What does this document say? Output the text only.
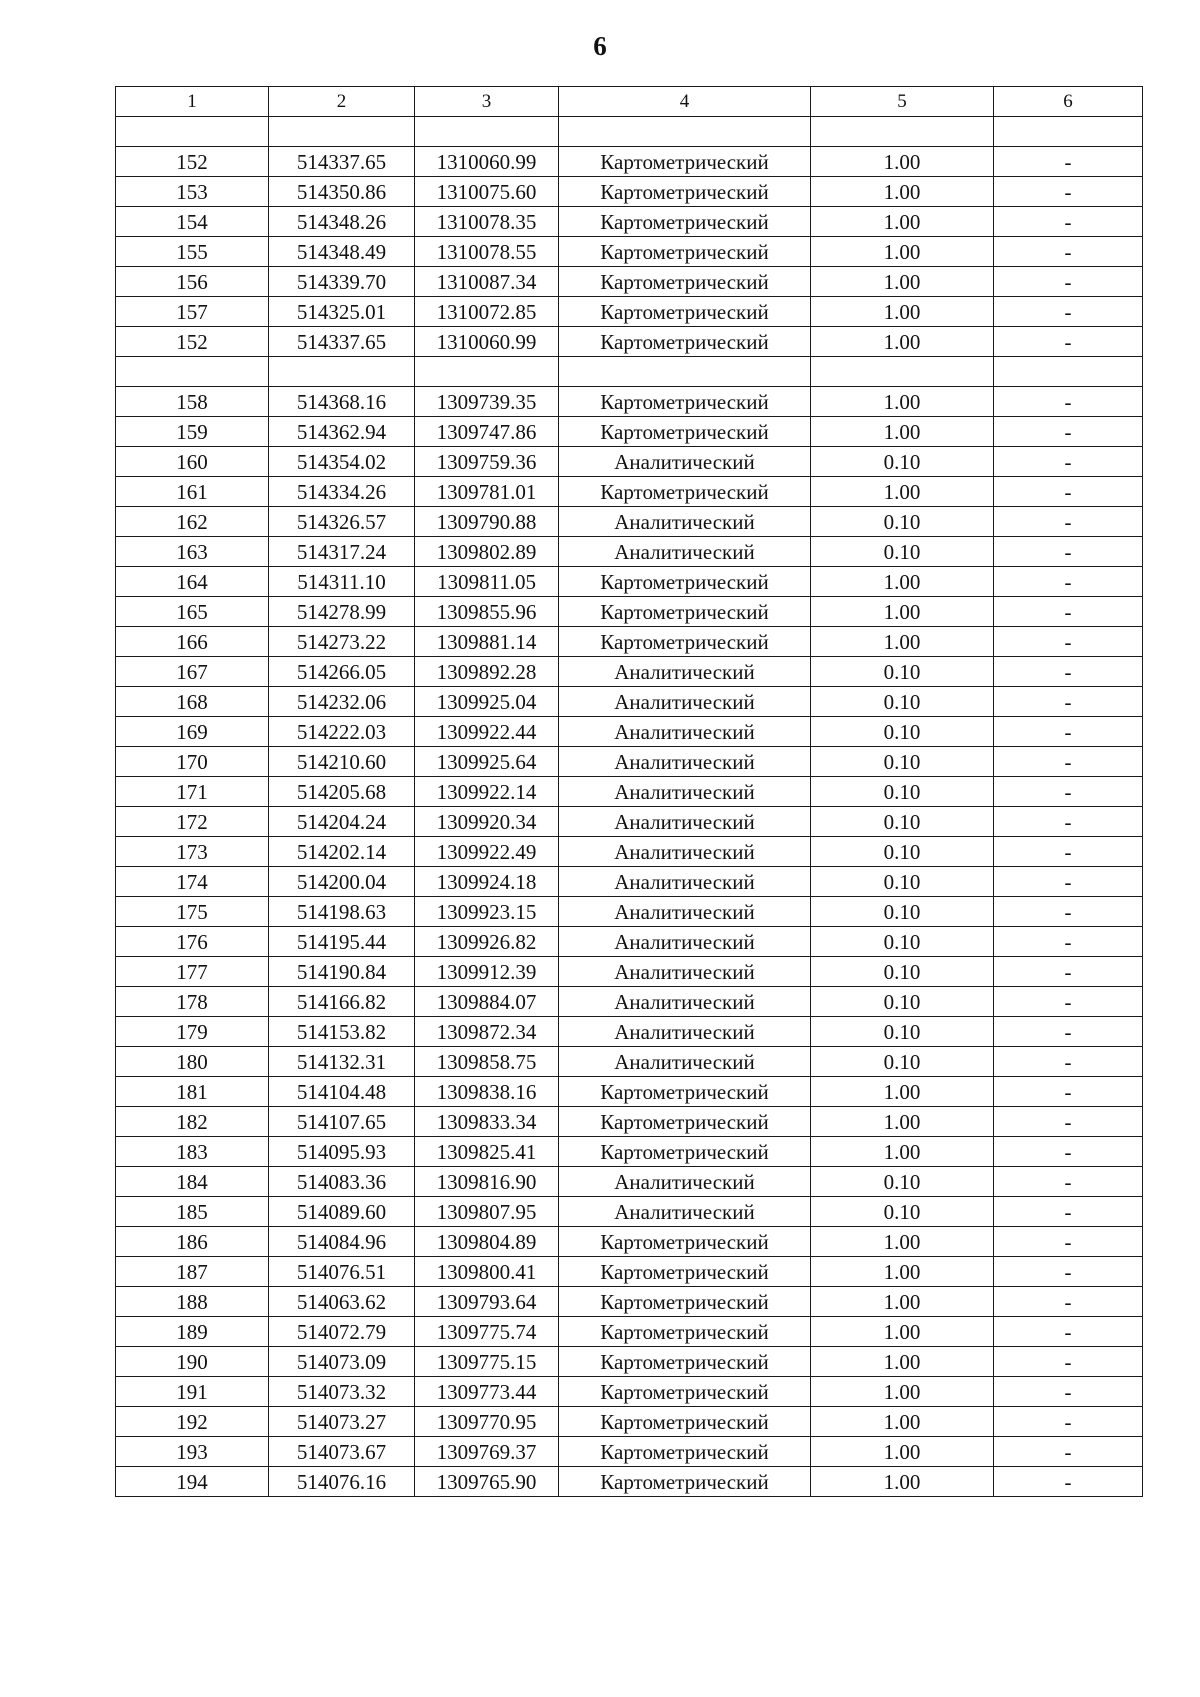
6
1	2	3	4	5	6

152	514337.65	1310060.99	Картометрический	1.00	-
153	514350.86	1310075.60	Картометрический	1.00	-
154	514348.26	1310078.35	Картометрический	1.00	-
155	514348.49	1310078.55	Картометрический	1.00	-
156	514339.70	1310087.34	Картометрический	1.00	-
157	514325.01	1310072.85	Картометрический	1.00	-
152	514337.65	1310060.99	Картометрический	1.00	-

158	514368.16	1309739.35	Картометрический	1.00	-
159	514362.94	1309747.86	Картометрический	1.00	-
160	514354.02	1309759.36	Аналитический	0.10	-
161	514334.26	1309781.01	Картометрический	1.00	-
162	514326.57	1309790.88	Аналитический	0.10	-
163	514317.24	1309802.89	Аналитический	0.10	-
164	514311.10	1309811.05	Картометрический	1.00	-
165	514278.99	1309855.96	Картометрический	1.00	-
166	514273.22	1309881.14	Картометрический	1.00	-
167	514266.05	1309892.28	Аналитический	0.10	-
168	514232.06	1309925.04	Аналитический	0.10	-
169	514222.03	1309922.44	Аналитический	0.10	-
170	514210.60	1309925.64	Аналитический	0.10	-
171	514205.68	1309922.14	Аналитический	0.10	-
172	514204.24	1309920.34	Аналитический	0.10	-
173	514202.14	1309922.49	Аналитический	0.10	-
174	514200.04	1309924.18	Аналитический	0.10	-
175	514198.63	1309923.15	Аналитический	0.10	-
176	514195.44	1309926.82	Аналитический	0.10	-
177	514190.84	1309912.39	Аналитический	0.10	-
178	514166.82	1309884.07	Аналитический	0.10	-
179	514153.82	1309872.34	Аналитический	0.10	-
180	514132.31	1309858.75	Аналитический	0.10	-
181	514104.48	1309838.16	Картометрический	1.00	-
182	514107.65	1309833.34	Картометрический	1.00	-
183	514095.93	1309825.41	Картометрический	1.00	-
184	514083.36	1309816.90	Аналитический	0.10	-
185	514089.60	1309807.95	Аналитический	0.10	-
186	514084.96	1309804.89	Картометрический	1.00	-
187	514076.51	1309800.41	Картометрический	1.00	-
188	514063.62	1309793.64	Картометрический	1.00	-
189	514072.79	1309775.74	Картометрический	1.00	-
190	514073.09	1309775.15	Картометрический	1.00	-
191	514073.32	1309773.44	Картометрический	1.00	-
192	514073.27	1309770.95	Картометрический	1.00	-
193	514073.67	1309769.37	Картометрический	1.00	-
194	514076.16	1309765.90	Картометрический	1.00	-
